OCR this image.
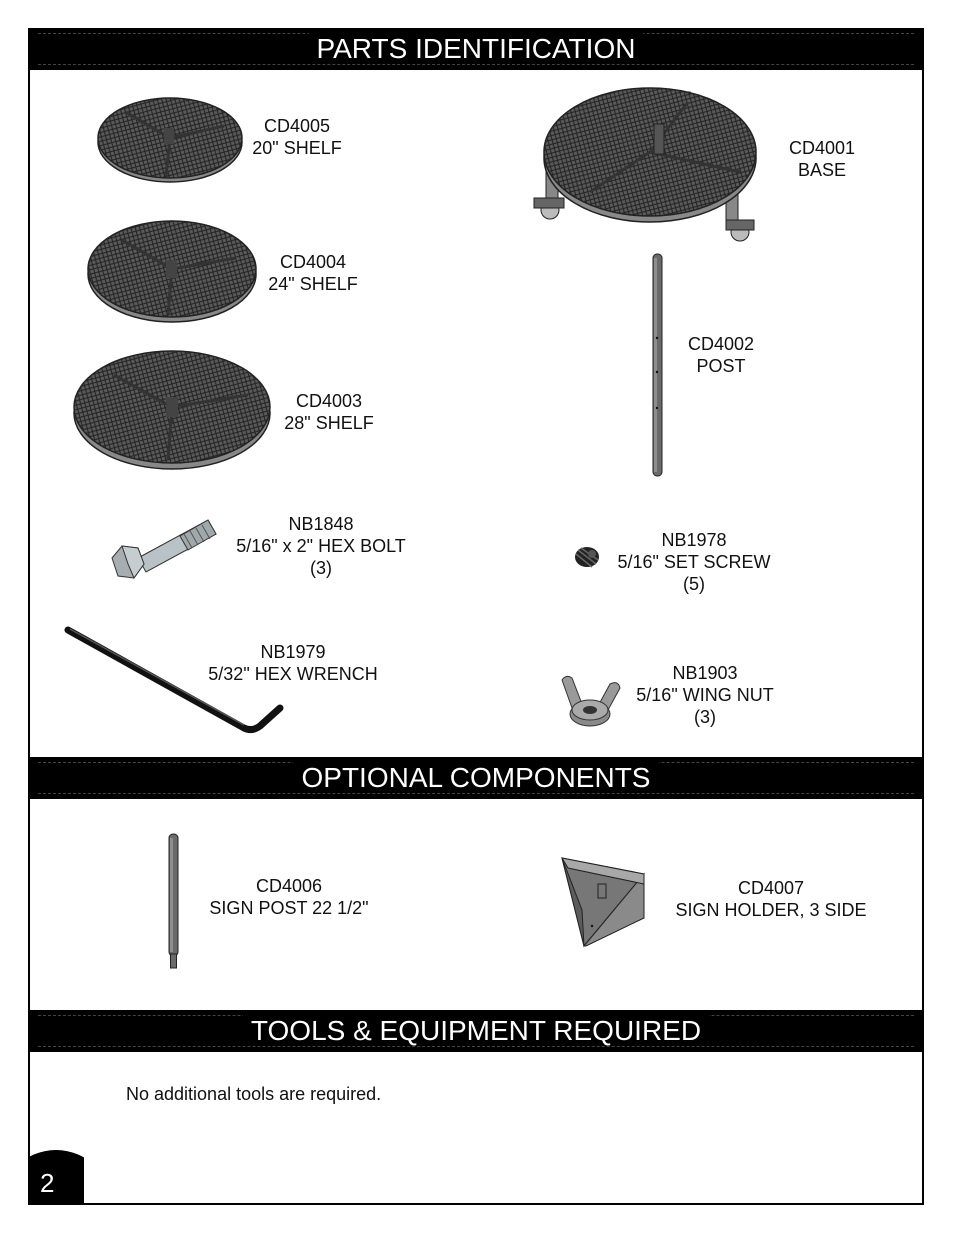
PARTS IDENTIFICATION
OPTIONAL COMPONENTS
TOOLS & EQUIPMENT REQUIRED
CD4005
20" SHELF
CD4004
24" SHELF
CD4003
28" SHELF
CD4001
BASE
CD4002
POST
NB1848
5/16" x 2" HEX BOLT
(3)
NB1978
5/16" SET SCREW
(5)
NB1979
5/32" HEX WRENCH	NB1903
5/16" WING NUT
(3)
CD4006
SIGN POST 22 1/2"
CD4007
SIGN HOLDER, 3 SIDE
No additional tools are required.
2
